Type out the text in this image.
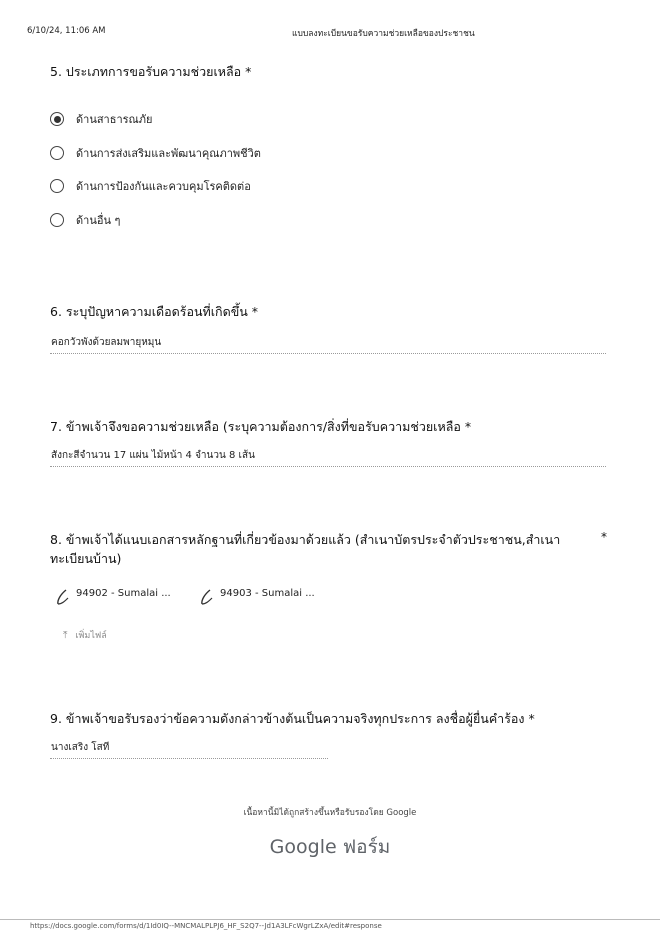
6/10/24, 11:06 AM	แบบลงทะเบียนขอรับความช่วยเหลือของประชาชน
5. ประเภทการขอรับความช่วยเหลือ *
ด้านสาธารณภัย
ด้านการส่งเสริมและพัฒนาคุณภาพชีวิต
ด้านการป้องกันและควบคุมโรคติดต่อ
ด้านอื่น ๆ
6. ระบุปัญหาความเดือดร้อนที่เกิดขึ้น *
คอกวัวพังด้วยลมพายุหมุน
7. ข้าพเจ้าจึงขอความช่วยเหลือ (ระบุความต้องการ/สิ่งที่ขอรับความช่วยเหลือ *
สังกะสีจำนวน 17 แผ่น ไม้หน้า 4 จำนวน 8 เส้น
8. ข้าพเจ้าได้แนบเอกสารหลักฐานที่เกี่ยวข้องมาด้วยแล้ว (สำเนาบัตรประจำตัวประชาชน,สำเนา	*
ทะเบียนบ้าน)
94902 - Sumalai ...	94903 - Sumalai ...
⤒ เพิ่มไฟล์
9. ข้าพเจ้าขอรับรองว่าข้อความดังกล่าวข้างต้นเป็นความจริงทุกประการ ลงชื่อผู้ยื่นคำร้อง *
นางเสริง โสที
เนื้อหานี้มิได้ถูกสร้างขึ้นหรือรับรองโดย Google
Google ฟอร์ม
https://docs.google.com/forms/d/1Id0IQ--MNCMALPLPJ6_HF_S2Q7--Jd1A3LFcWgrLZxA/edit#response
